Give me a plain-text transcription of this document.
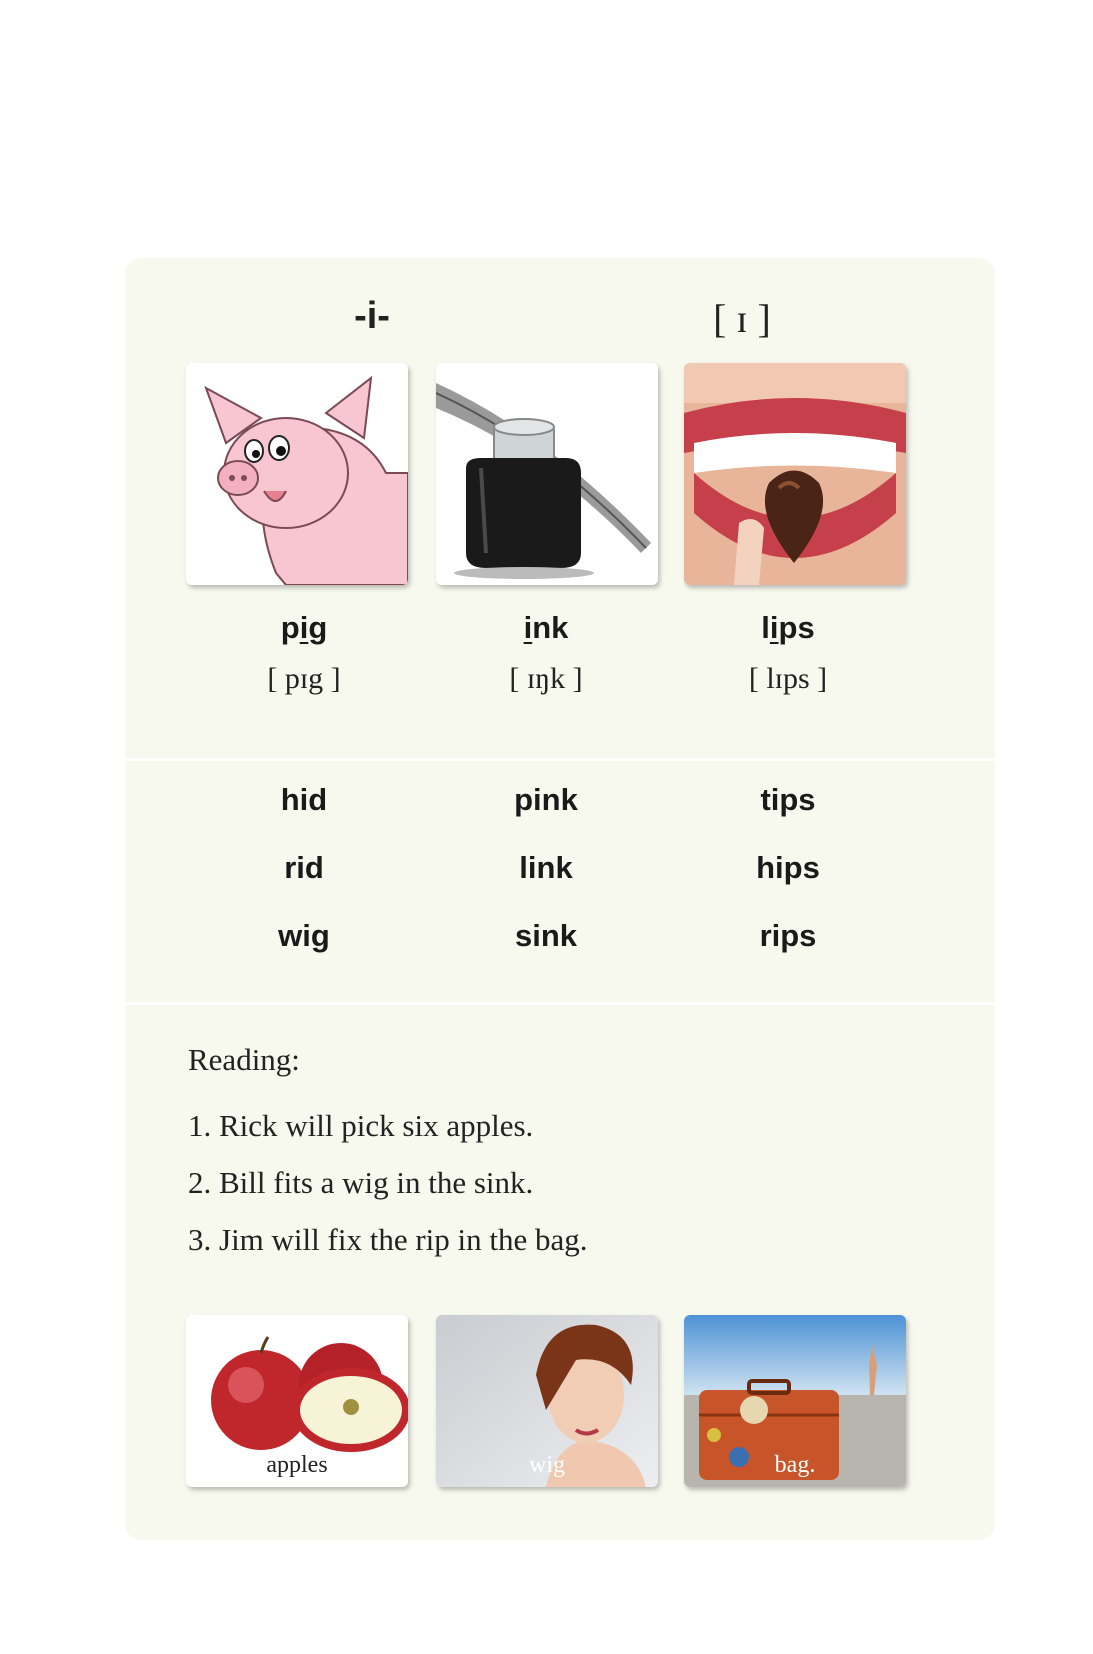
-i-	[ ɪ ]
pig	ink	lips
[ pɪg ]	[ ɪŋk ]	[ lɪps ]
hid	pink	tips
rid	link	hips
wig	sink	rips
Reading:
1. Rick will pick six apples.
2. Bill fits a wig in the sink.
3. Jim will fix the rip in the bag.
apples	wig	bag.
